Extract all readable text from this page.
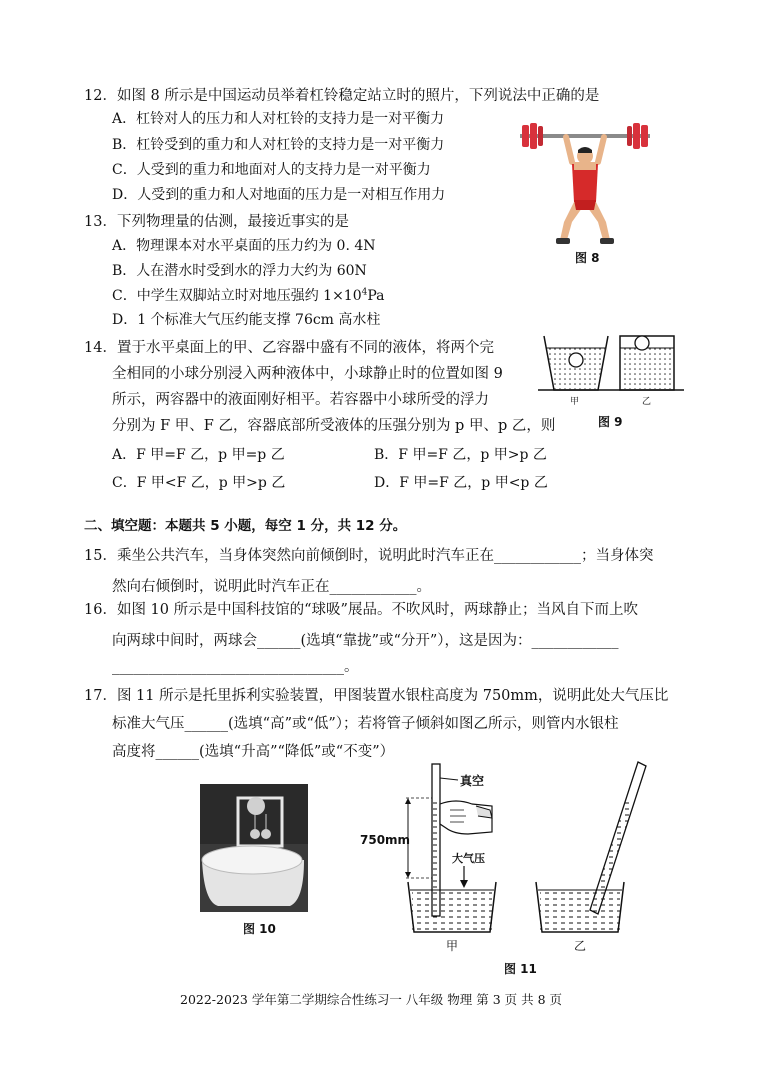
12．如图 8 所示是中国运动员举着杠铃稳定站立时的照片，下列说法中正确的是
A．杠铃对人的压力和人对杠铃的支持力是一对平衡力
B．杠铃受到的重力和人对杠铃的支持力是一对平衡力
C．人受到的重力和地面对人的支持力是一对平衡力
D．人受到的重力和人对地面的压力是一对相互作用力
图 8
13．下列物理量的估测，最接近事实的是
A．物理课本对水平桌面的压力约为 0. 4N
B．人在潜水时受到水的浮力大约为 60N
C．中学生双脚站立时对地压强约 $1\times 10^4Pa$
D．1 个标准大气压约能支撑 76cm 高水柱
14．置于水平桌面上的甲、乙容器中盛有不同的液体，将两个完
全相同的小球分别浸入两种液体中，小球静止时的位置如图 9
所示，两容器中的液面刚好相平。若容器中小球所受的浮力
分别为 F 甲、F 乙，容器底部所受液体的压强分别为 p 甲、p 乙，则
A．F 甲=F 乙，p 甲=p 乙	B．F 甲=F 乙，p 甲>p 乙
C．F 甲<F 乙，p 甲>p 乙	D．F 甲=F 乙，p 甲<p 乙
甲	乙
图 9
二、填空题：本题共 5 小题，每空 1 分，共 12 分。
15．乘坐公共汽车，当身体突然向前倾倒时，说明此时汽车正在____________；当身体突
然向右倾倒时，说明此时汽车正在____________。
16．如图 10 所示是中国科技馆的“球吸”展品。不吹风时，两球静止；当风自下而上吹
向两球中间时，两球会______(选填“靠拢”或“分开”），这是因为：____________
________________________________。
17．图 11 所示是托里拆利实验装置，甲图装置水银柱高度为 750mm，说明此处大气压比
标准大气压______(选填“高”或“低”）；若将管子倾斜如图乙所示，则管内水银柱
高度将______(选填“升高”“降低”或“不变”）
图 10
真空
750mm
大气压
甲	乙
图 11
2022-2023 学年第二学期综合性练习一 八年级 物理 第 3 页 共 8 页
